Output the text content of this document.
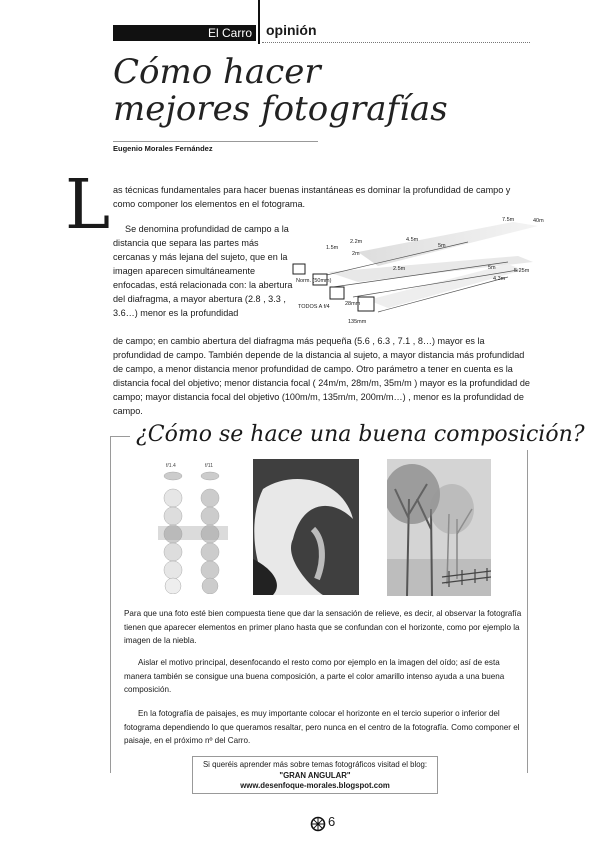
El Carro opinión
Cómo hacer
mejores fotografías
Eugenio Morales Fernández
L as técnicas fundamentales para hacer buenas instantáneas es dominar la profundidad de campo y como componer los elementos en el fotograma.
Se denomina profundidad de campo a la distancia que separa las partes más cercanas y más lejana del sujeto, que en la imagen aparecen simultáneamente enfocadas, está relacionada con: la abertura del diafragma, a mayor abertura (2.8 , 3.3 , 3.6…) menor es la profundidad
de campo; en cambio abertura del diafragma más pequeña (5.6 , 6.3 , 7.1 , 8…) mayor es la profundidad de campo. También depende de la distancia al sujeto, a mayor distancia más profundidad de campo, a menor distancia menor profundidad de campo. Otro parámetro a tener en cuenta es la distancia focal del objetivo; menor distancia focal ( 24m/m, 28m/m, 35m/m ) mayor es la profundidad de campo; mayor distancia focal del objetivo (100m/m, 135m/m, 200m/m…) , menor es la profundidad de campo.
7.5m	40m
2.2m	4.5m
1.5m
2m
5m
2.5m	5m	5.25m
4.3m
28mm
Norm. (50mm)
135mm
TODOS A f/4
¿Cómo se hace una buena composición?
f/1.4	f/11
Para que una foto esté bien compuesta tiene que dar la sensación de relieve, es decir, al observar la fotografía tienen que aparecer elementos en primer plano hasta que se confundan con el horizonte, como por ejemplo la imagen de la niebla.
Aislar el motivo principal, desenfocando el resto como por ejemplo en la imagen del oído; así de esta manera también se consigue una buena composición, a parte el color amarillo intenso ayuda a una buena composición.
En la fotografía de paisajes, es muy importante colocar el horizonte en el tercio superior o inferior del fotograma dependiendo lo que queramos resaltar, pero nunca en el centro de la fotografía. Como componer el paisaje, en el próximo nº del Carro.
Si queréis aprender más sobre temas fotográficos visitad el blog:
"GRAN ANGULAR"
www.desenfoque-morales.blogspot.com
6
